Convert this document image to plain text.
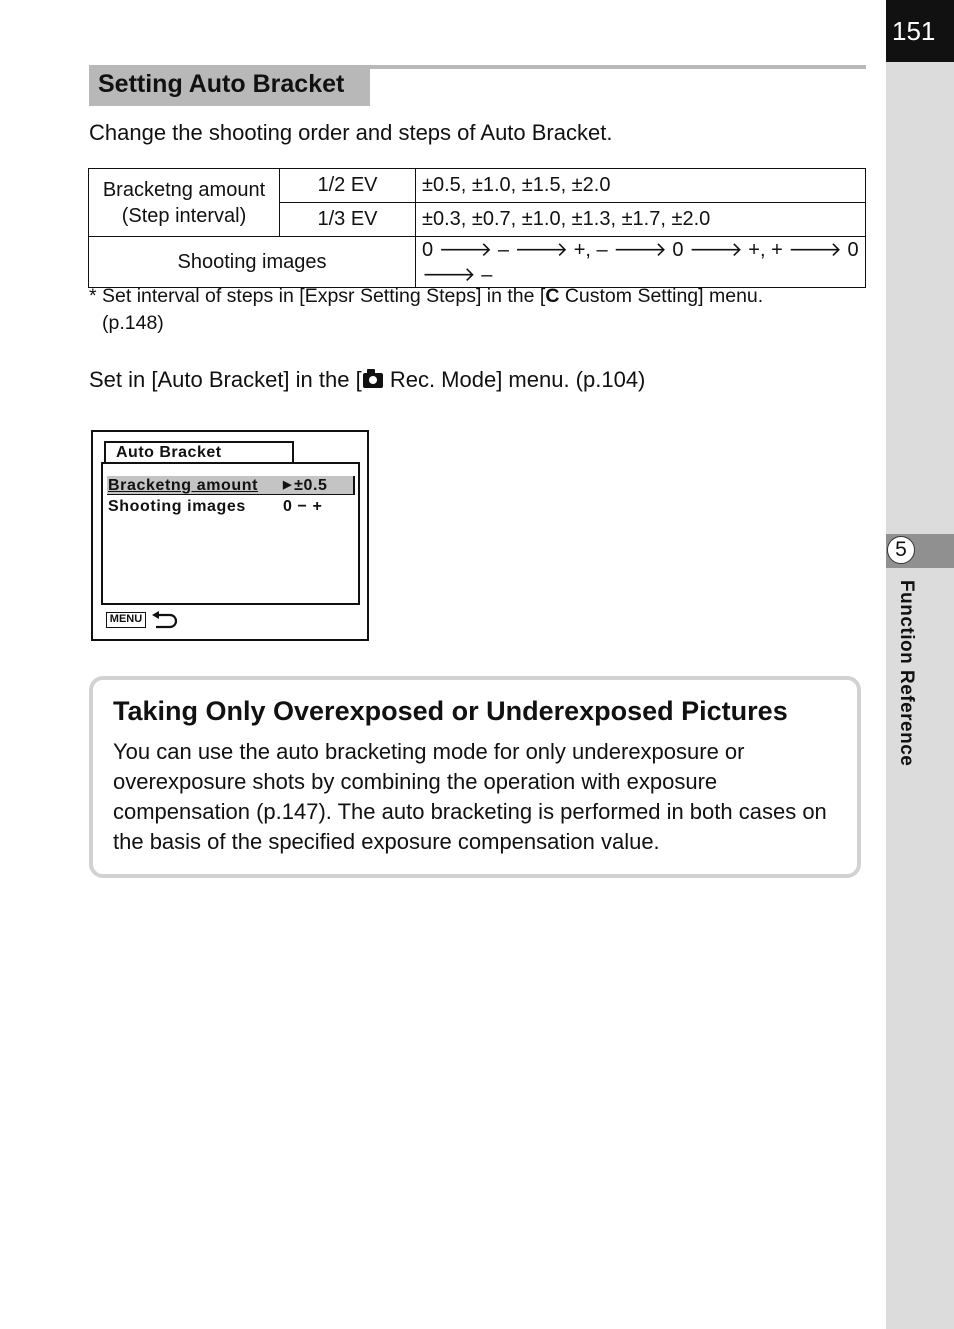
151
5
Function Reference
Setting Auto Bracket
Change the shooting order and steps of Auto Bracket.
Bracketng amount
(Step interval)	1/2 EV	±0.5, ±1.0, ±1.5, ±2.0
	1/3 EV	±0.3, ±0.7, ±1.0, ±1.3, ±1.7, ±2.0
Shooting images		0 🡒 – 🡒 +, – 🡒 0 🡒 +, + 🡒 0 🡒 –
* Set interval of steps in [Expsr Setting Steps] in the [C Custom Setting] menu.
(p.148)
Set in [Auto Bracket] in the [ Rec. Mode] menu. (p.104)
Auto Bracket
Bracketng amount ▶ ±0.5
Shooting images 0 − +
MENU
Taking Only Overexposed or Underexposed Pictures
You can use the auto bracketing mode for only underexposure or overexposure shots by combining the operation with exposure compensation (p.147). The auto bracketing is performed in both cases on the basis of the specified exposure compensation value.
